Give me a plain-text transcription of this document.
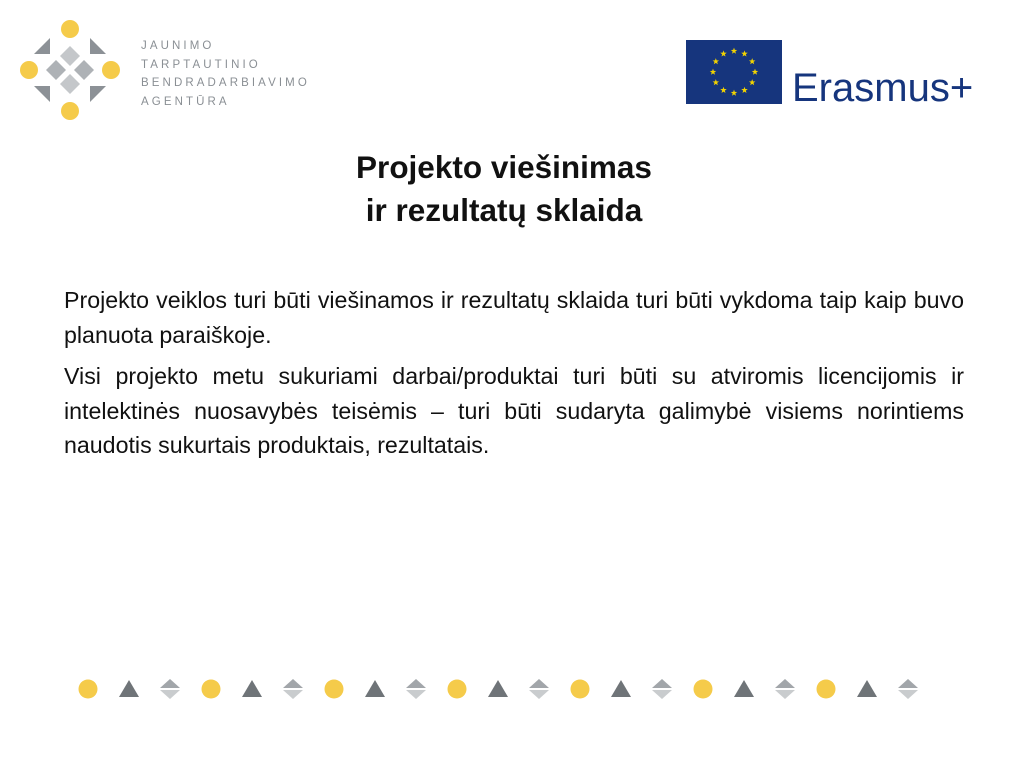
JAUNIMO
TARPTAUTINIO
BENDRADARBIAVIMO
AGENTŪRA	Erasmus+
Projekto viešinimas
ir rezultatų sklaida

Projekto veiklos turi būti viešinamos ir rezultatų sklaida turi būti vykdoma taip kaip buvo planuota paraiškoje.

Visi projekto metu sukuriami darbai/produktai turi būti su atviromis licencijomis ir intelektinės nuosavybės teisėmis – turi būti sudaryta galimybė visiems norintiems naudotis sukurtais produktais, rezultatais.
